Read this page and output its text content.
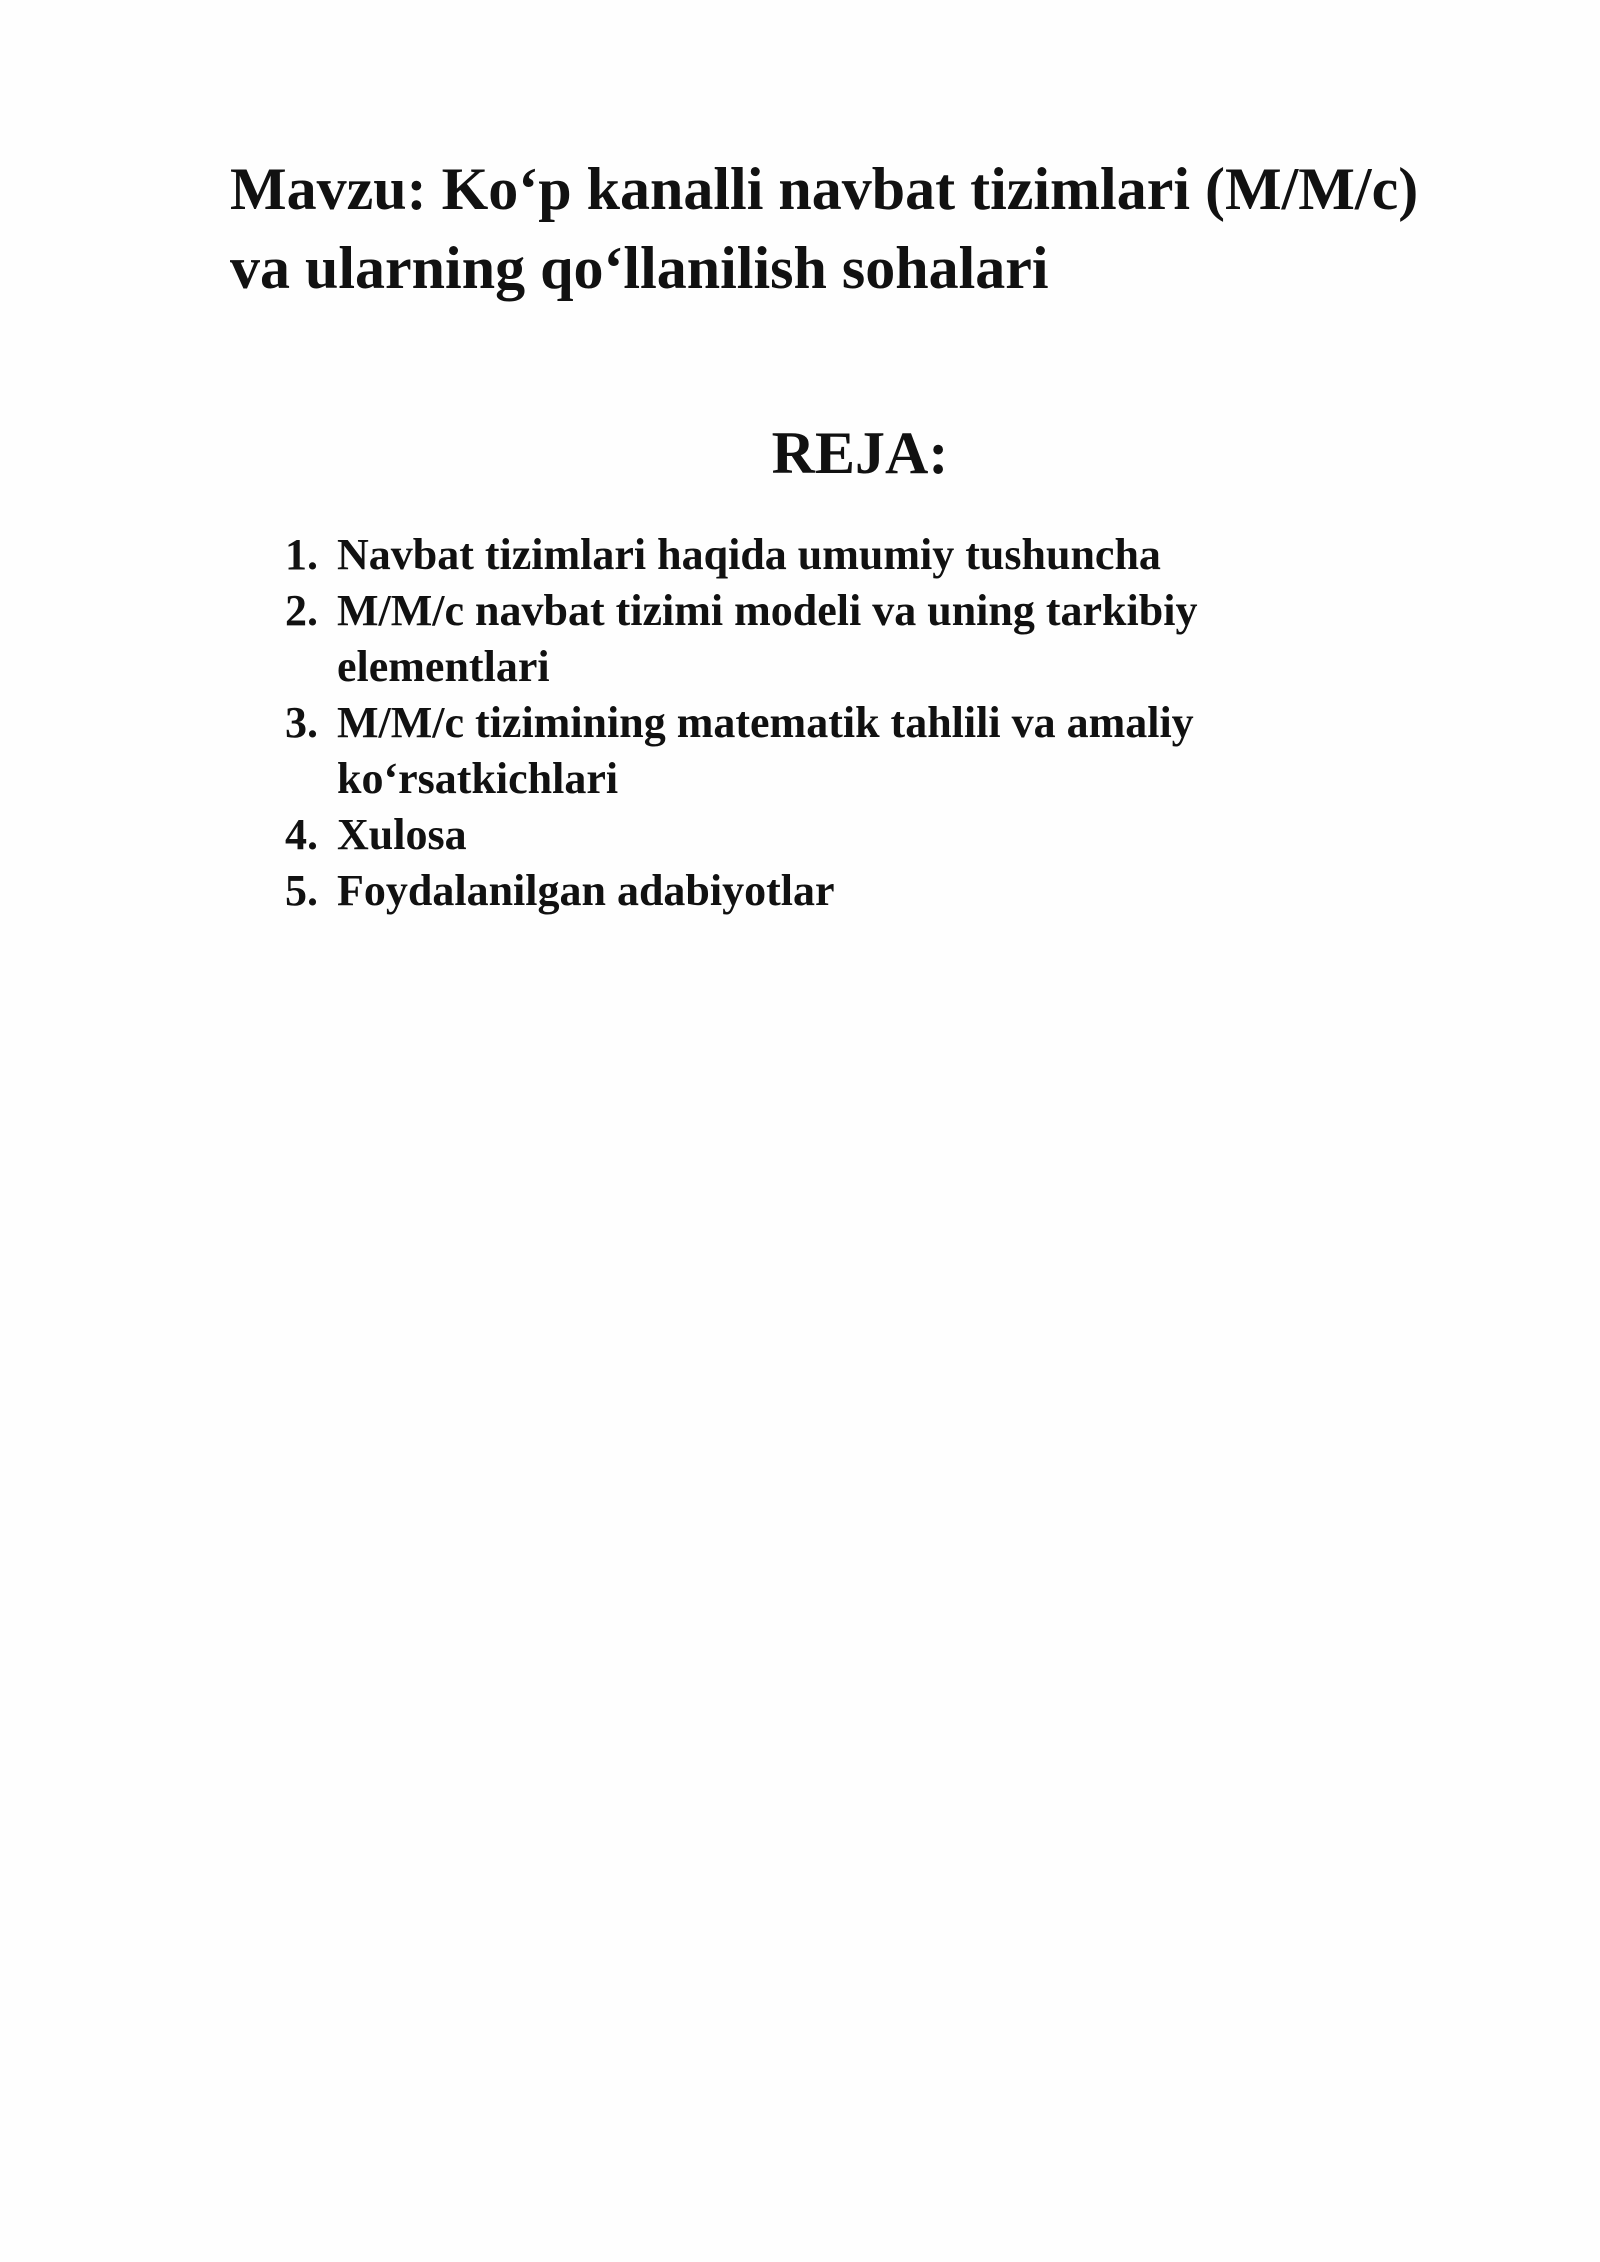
Mavzu: Ko‘p kanalli navbat tizimlari (M/M/c) va ularning qo‘llanilish sohalari
REJA:
1. Navbat tizimlari haqida umumiy tushuncha
2. M/M/c navbat tizimi modeli va uning tarkibiy elementlari
3. M/M/c tizimining matematik tahlili va amaliy ko‘rsatkichlari
4. Xulosa
5. Foydalanilgan adabiyotlar
